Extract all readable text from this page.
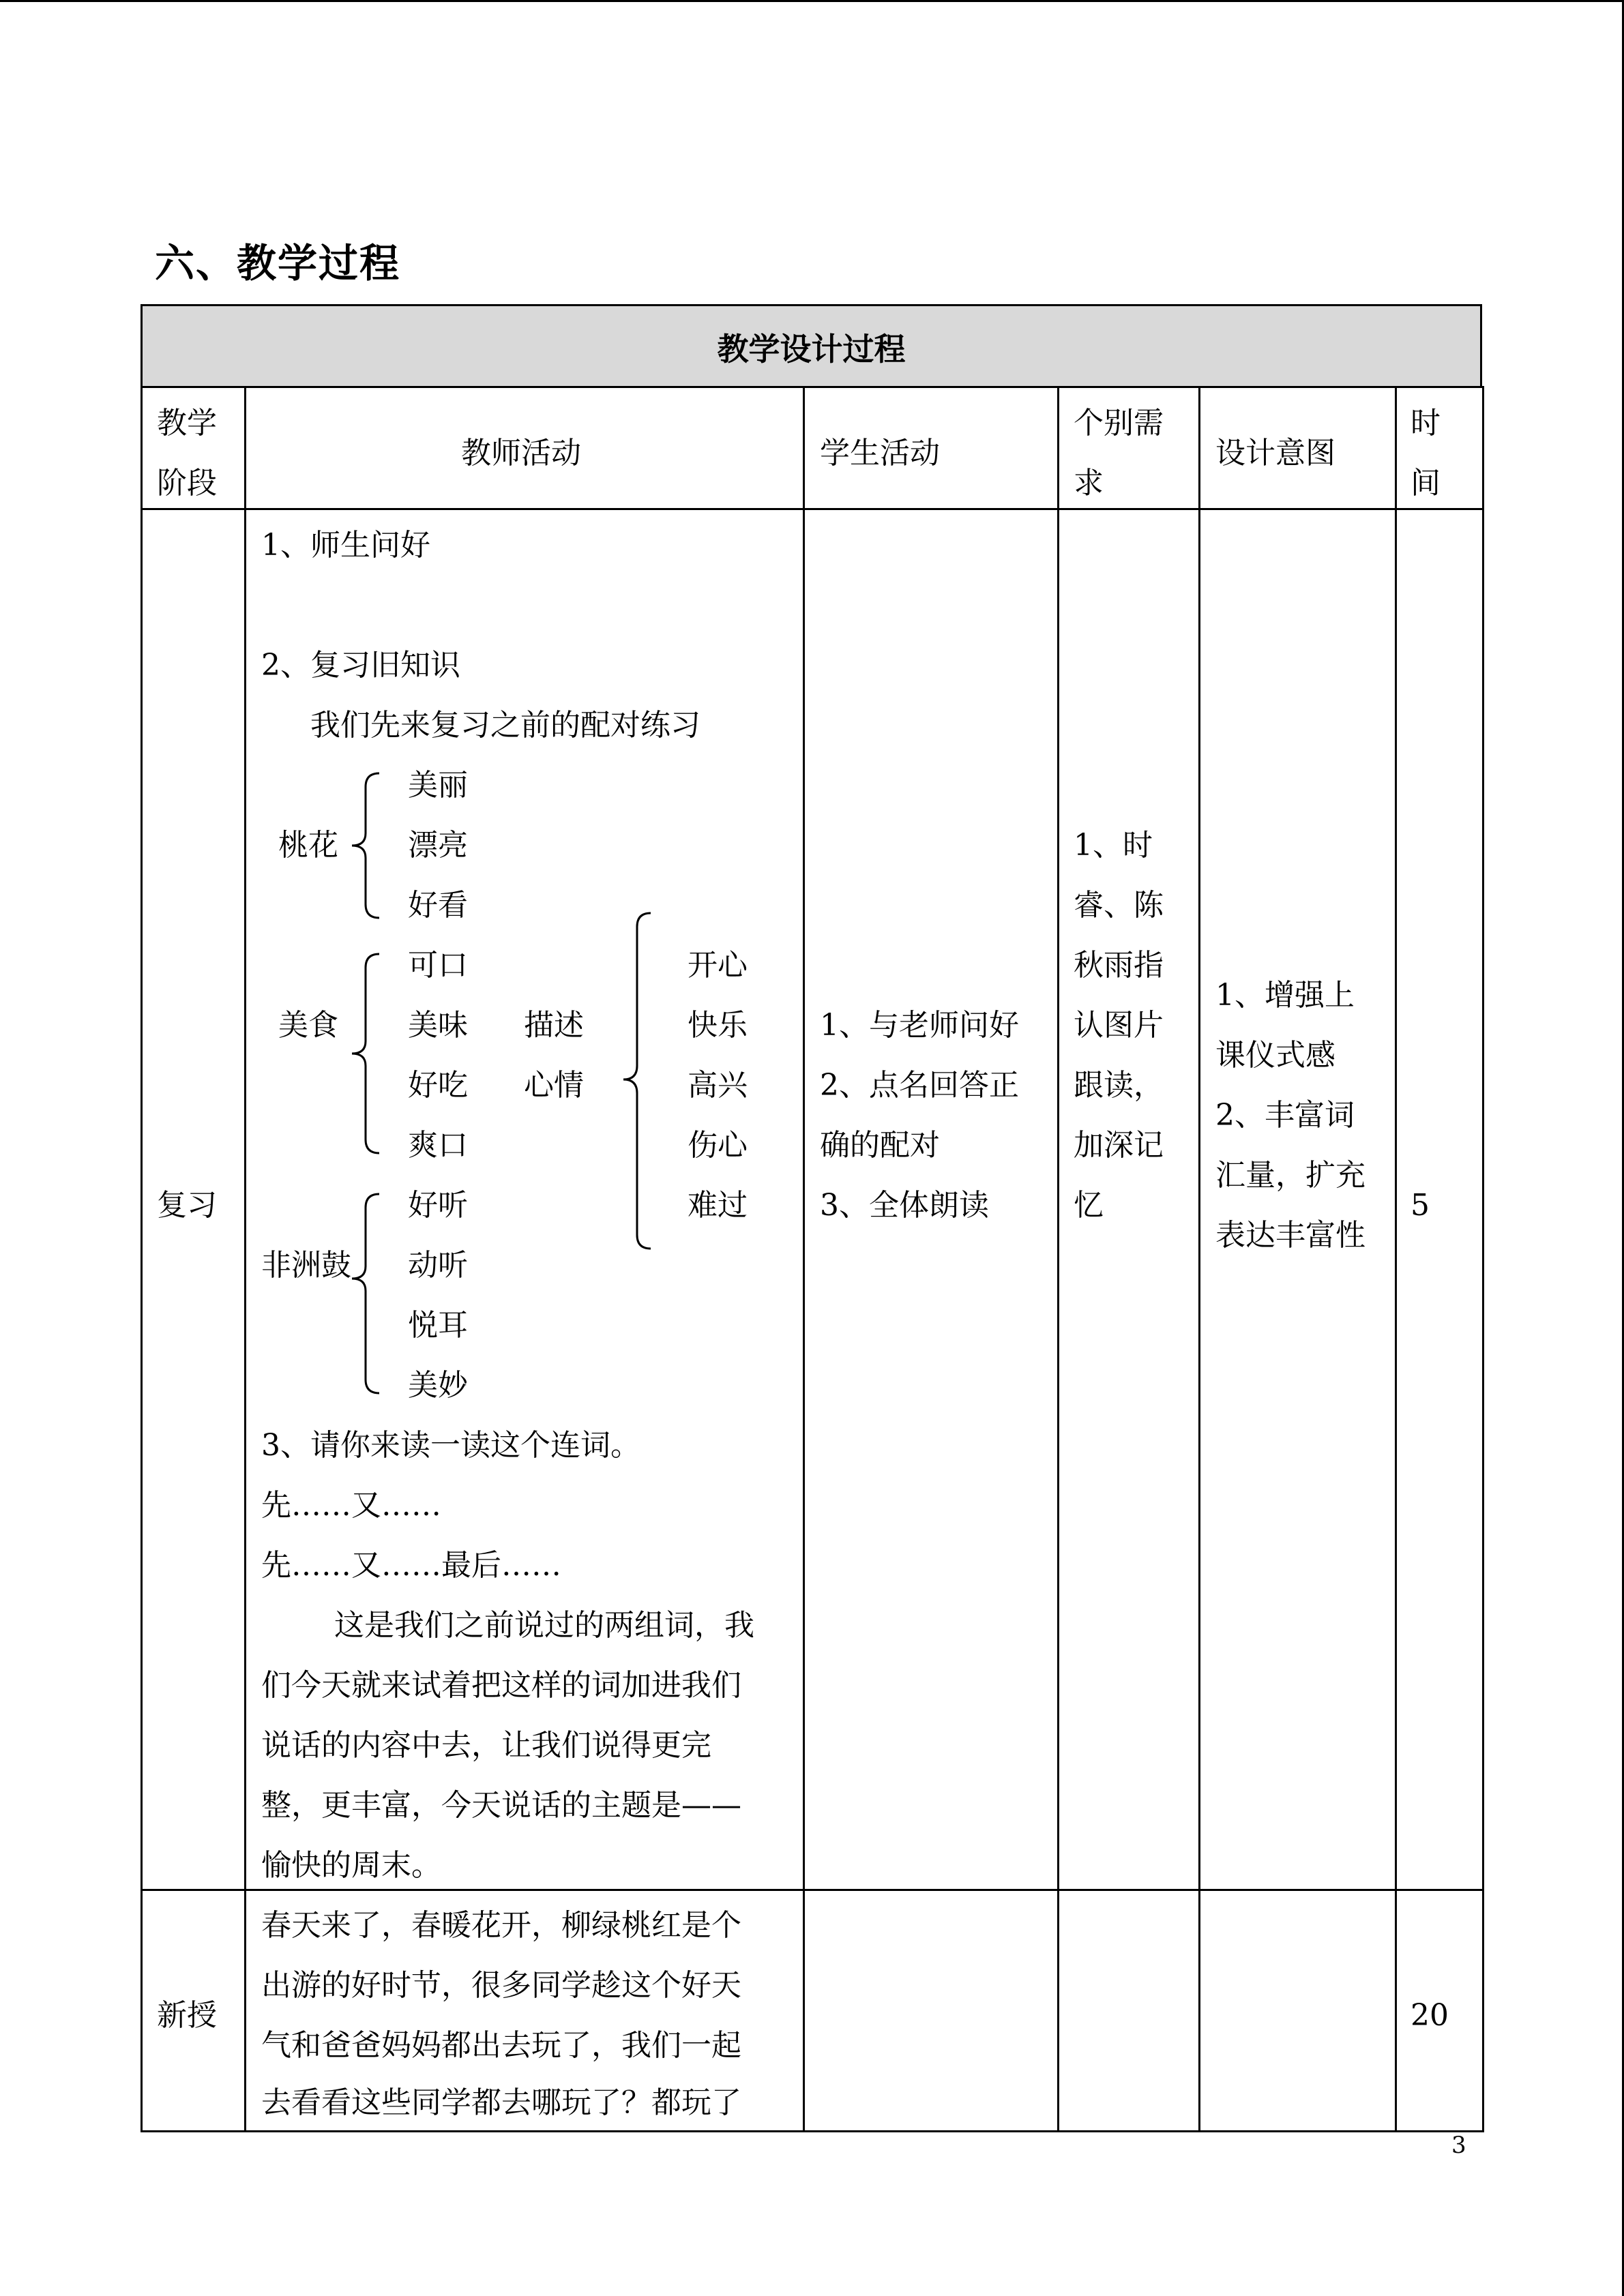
六、教学过程
教学设计过程
教学
阶段
教师活动	学生活动
个别需
求
设计意图
时
间
复习
1、师生问好
2、复习旧知识
我们先来复习之前的配对练习
桃花
美丽
漂亮
好看
美食
可口
美味
好吃
爽口
描述
心情
开心
快乐
高兴
伤心
难过
非洲鼓
好听
动听
悦耳
美妙
3、请你来读一读这个连词。
先……又……
先……又……最后……
这是我们之前说过的两组词，我
们今天就来试着把这样的词加进我们
说话的内容中去，让我们说得更完
整，更丰富，今天说话的主题是——
愉快的周末。
1、与老师问好
2、点名回答正
确的配对
3、全体朗读
1、时
睿、陈
秋雨指
认图片
跟读，
加深记
忆
1、增强上
课仪式感
2、丰富词
汇量，扩充
表达丰富性
5
新授
春天来了，春暖花开，柳绿桃红是个
出游的好时节，很多同学趁这个好天
气和爸爸妈妈都出去玩了，我们一起
去看看这些同学都去哪玩了？都玩了
20
3
